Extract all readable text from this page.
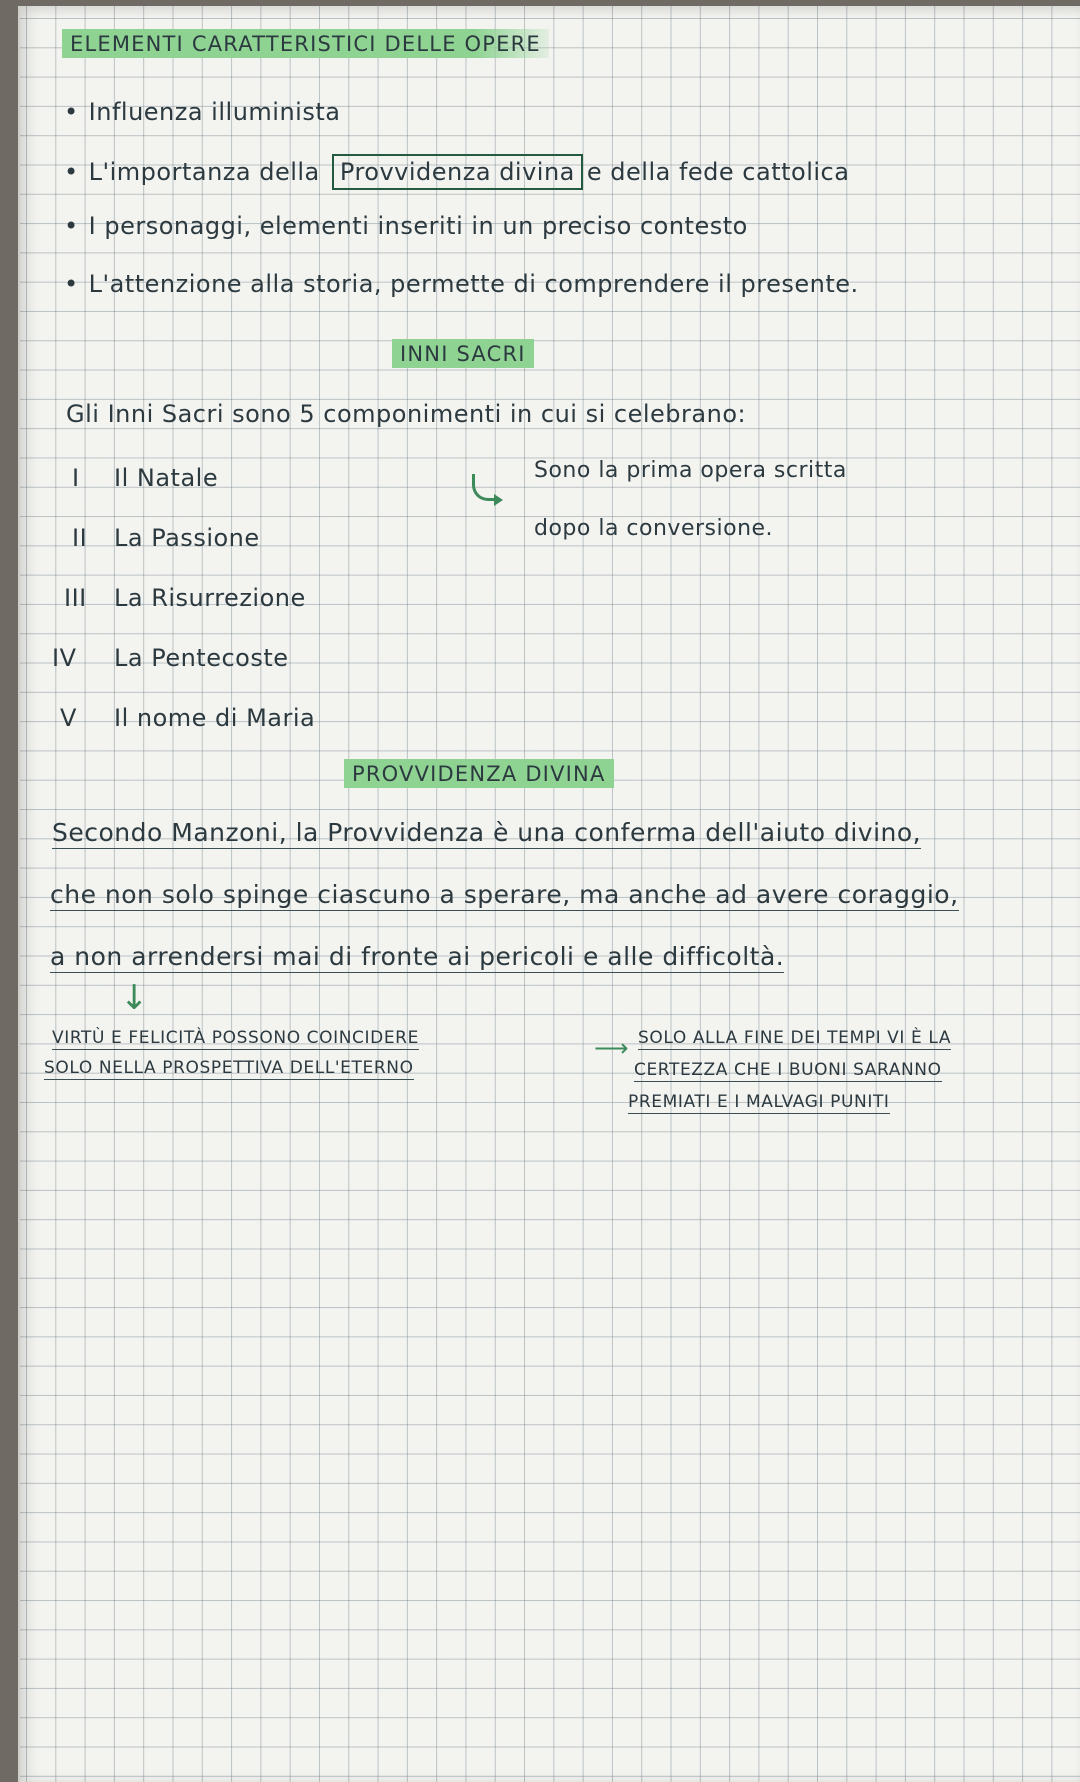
ELEMENTI CARATTERISTICI DELLE OPERE

• Influenza illuminista

• L'importanza della Provvidenza divina e della fede cattolica

• I personaggi, elementi inseriti in un preciso contesto

• L'attenzione alla storia, permette di comprendere il presente.

INNI SACRI

Gli Inni Sacri sono 5 componimenti in cui si celebrano:

I Il Natale

II La Passione

III La Risurrezione

IV La Pentecoste

V Il nome di Maria

Sono la prima opera scritta

dopo la conversione.

PROVVIDENZA DIVINA

Secondo Manzoni, la Provvidenza è una conferma dell'aiuto divino,

che non solo spinge ciascuno a sperare, ma anche ad avere coraggio,

a non arrendersi mai di fronte ai pericoli e alle difficoltà.

↓

VIRTÙ E FELICITÀ POSSONO COINCIDERE

SOLO NELLA PROSPETTIVA DELL'ETERNO

⟶ SOLO ALLA FINE DEI TEMPI VI È LA

CERTEZZA CHE I BUONI SARANNO

PREMIATI E I MALVAGI PUNITI
